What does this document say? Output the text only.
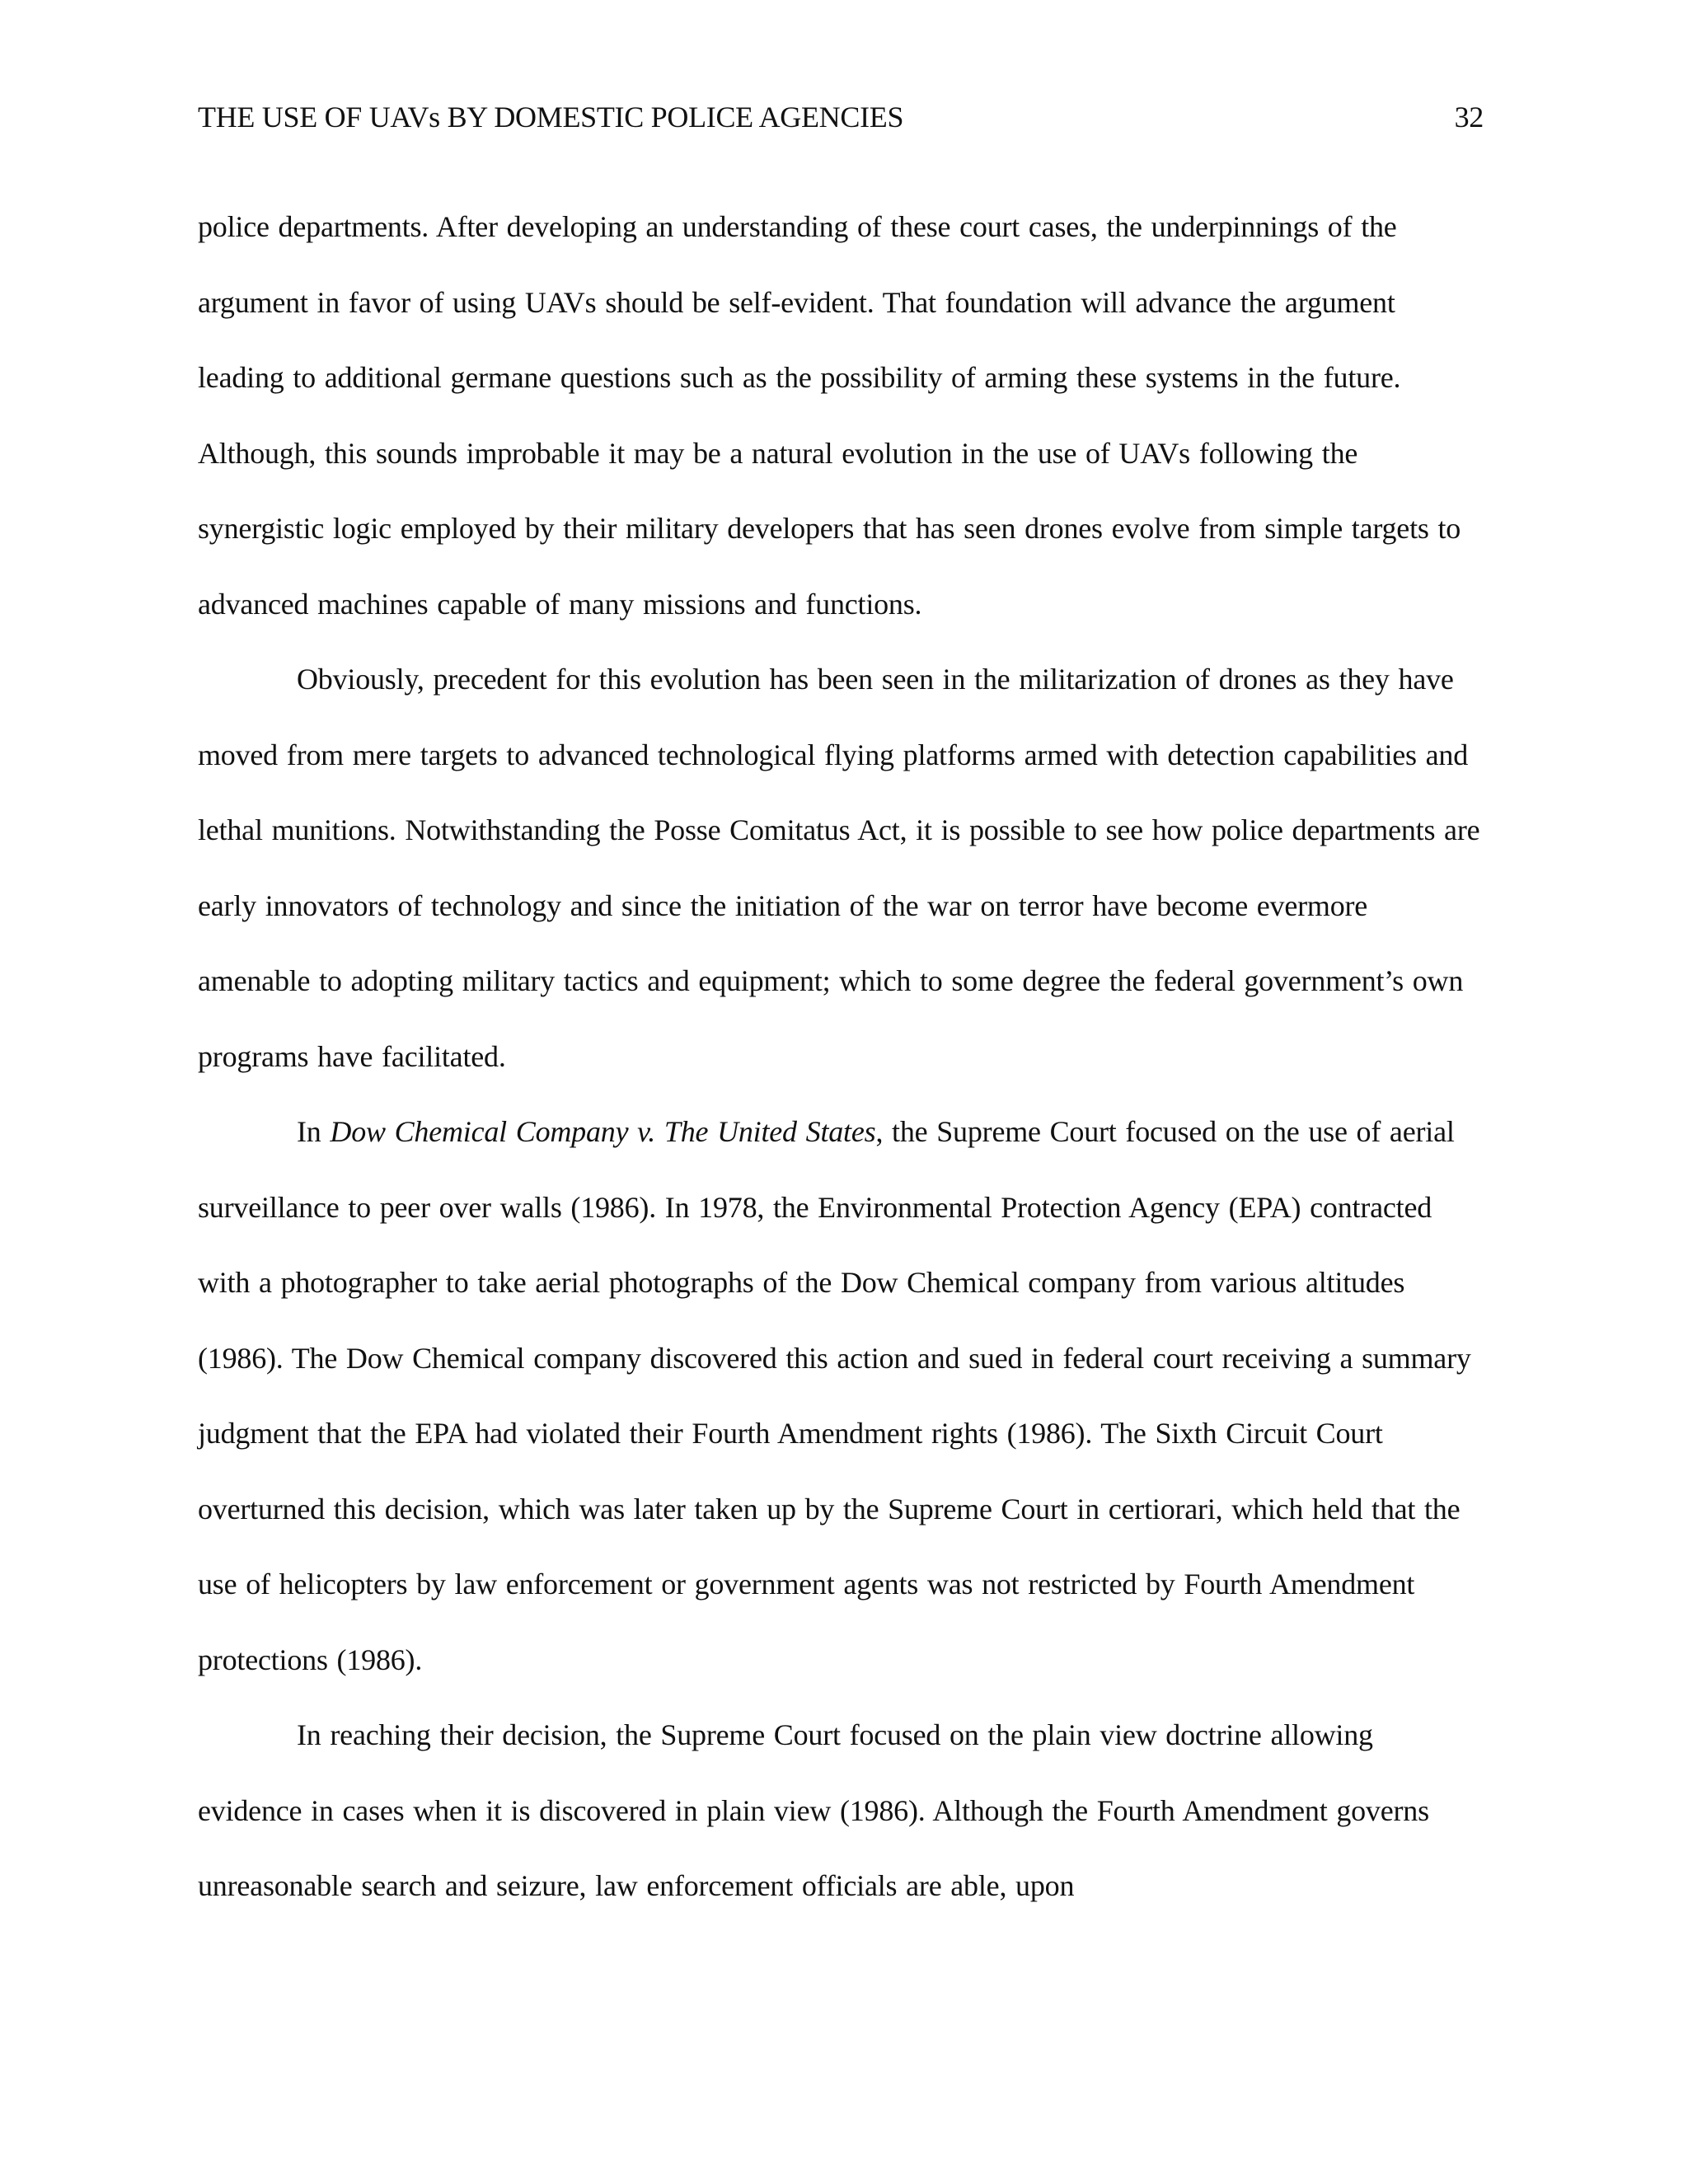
THE USE OF UAVs BY DOMESTIC POLICE AGENCIES	32

police departments. After developing an understanding of these court cases, the underpinnings of the argument in favor of using UAVs should be self-evident. That foundation will advance the argument leading to additional germane questions such as the possibility of arming these systems in the future. Although, this sounds improbable it may be a natural evolution in the use of UAVs following the synergistic logic employed by their military developers that has seen drones evolve from simple targets to advanced machines capable of many missions and functions.

Obviously, precedent for this evolution has been seen in the militarization of drones as they have moved from mere targets to advanced technological flying platforms armed with detection capabilities and lethal munitions. Notwithstanding the Posse Comitatus Act, it is possible to see how police departments are early innovators of technology and since the initiation of the war on terror have become evermore amenable to adopting military tactics and equipment; which to some degree the federal government’s own programs have facilitated.

In Dow Chemical Company v. The United States, the Supreme Court focused on the use of aerial surveillance to peer over walls (1986). In 1978, the Environmental Protection Agency (EPA) contracted with a photographer to take aerial photographs of the Dow Chemical company from various altitudes (1986). The Dow Chemical company discovered this action and sued in federal court receiving a summary judgment that the EPA had violated their Fourth Amendment rights (1986). The Sixth Circuit Court overturned this decision, which was later taken up by the Supreme Court in certiorari, which held that the use of helicopters by law enforcement or government agents was not restricted by Fourth Amendment protections (1986).

In reaching their decision, the Supreme Court focused on the plain view doctrine allowing evidence in cases when it is discovered in plain view (1986). Although the Fourth Amendment governs unreasonable search and seizure, law enforcement officials are able, upon
